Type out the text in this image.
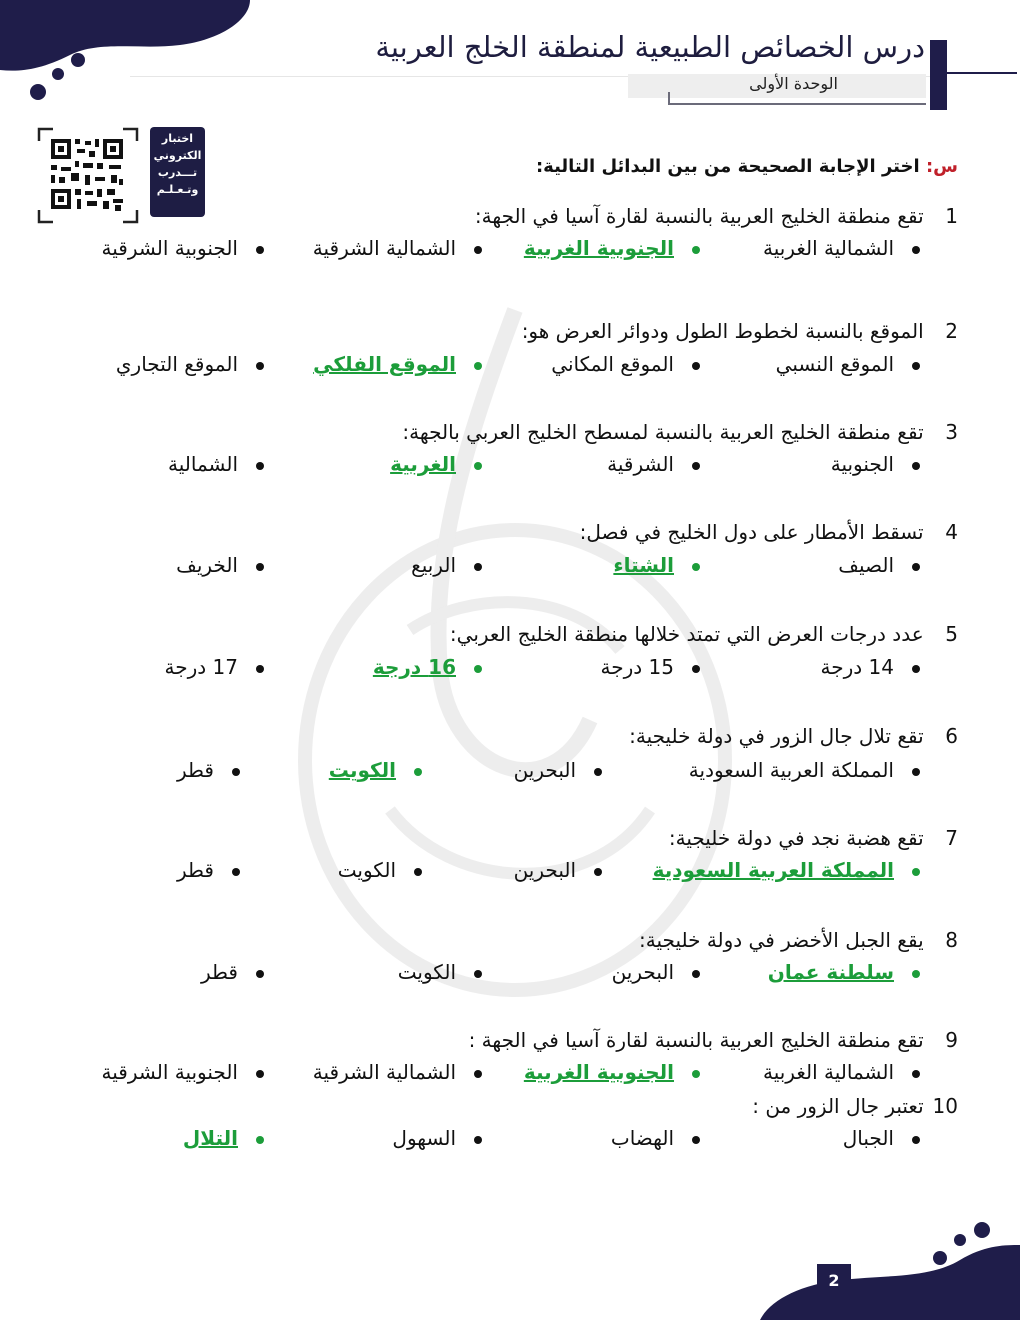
درس الخصائص الطبيعية لمنطقة الخلج العربية
الوحدة الأولى
اختبار
الكتروني
تـــدرب
وتـعـلـم
س: اختر الإجابة الصحيحة من بين البدائل التالية:
1 تقع منطقة الخليج العربية بالنسبة لقارة آسيا في الجهة:
الشمالية الغربية
الجنوبية الغربية
الشمالية الشرقية
الجنوبية الشرقية
2 الموقع بالنسبة لخطوط الطول ودوائر العرض هو:
الموقع النسبي
الموقع المكاني
الموقع الفلكي
الموقع التجاري
3 تقع منطقة الخليج العربية بالنسبة لمسطح الخليج العربي بالجهة:
الجنوبية
الشرقية
الغربية
الشمالية
4 تسقط الأمطار على دول الخليج في فصل:
الصيف
الشتاء
الربيع
الخريف
5 عدد درجات العرض التي تمتد خلالها منطقة الخليج العربي:
14 درجة
15 درجة
16 درجة
17 درجة
6 تقع تلال جال الزور في دولة خليجية:
المملكة العربية السعودية
البحرين
الكويت
قطر
7 تقع هضبة نجد في دولة خليجية:
المملكة العربية السعودية
البحرين
الكويت
قطر
8 يقع الجبل الأخضر في دولة خليجية:
سلطنة عمان
البحرين
الكويت
قطر
9 تقع منطقة الخليج العربية بالنسبة لقارة آسيا في الجهة :
الشمالية الغربية
الجنوبية الغربية
الشمالية الشرقية
الجنوبية الشرقية
10 تعتبر جال الزور من :
الجبال
الهضاب
السهول
التلال
2
